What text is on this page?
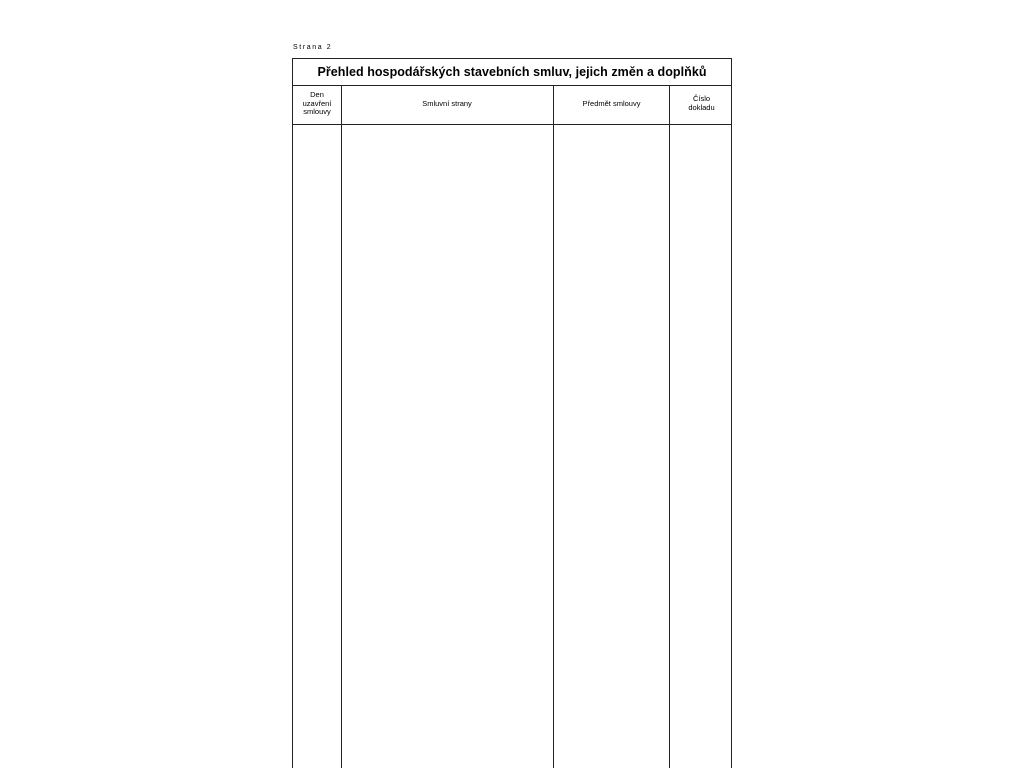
Strana 2
Přehled hospodářských stavebních smluv, jejich změn a doplňků
Den
uzavření
smlouvy
Smluvní strany	Předmět smlouvy
Číslo
dokladu
